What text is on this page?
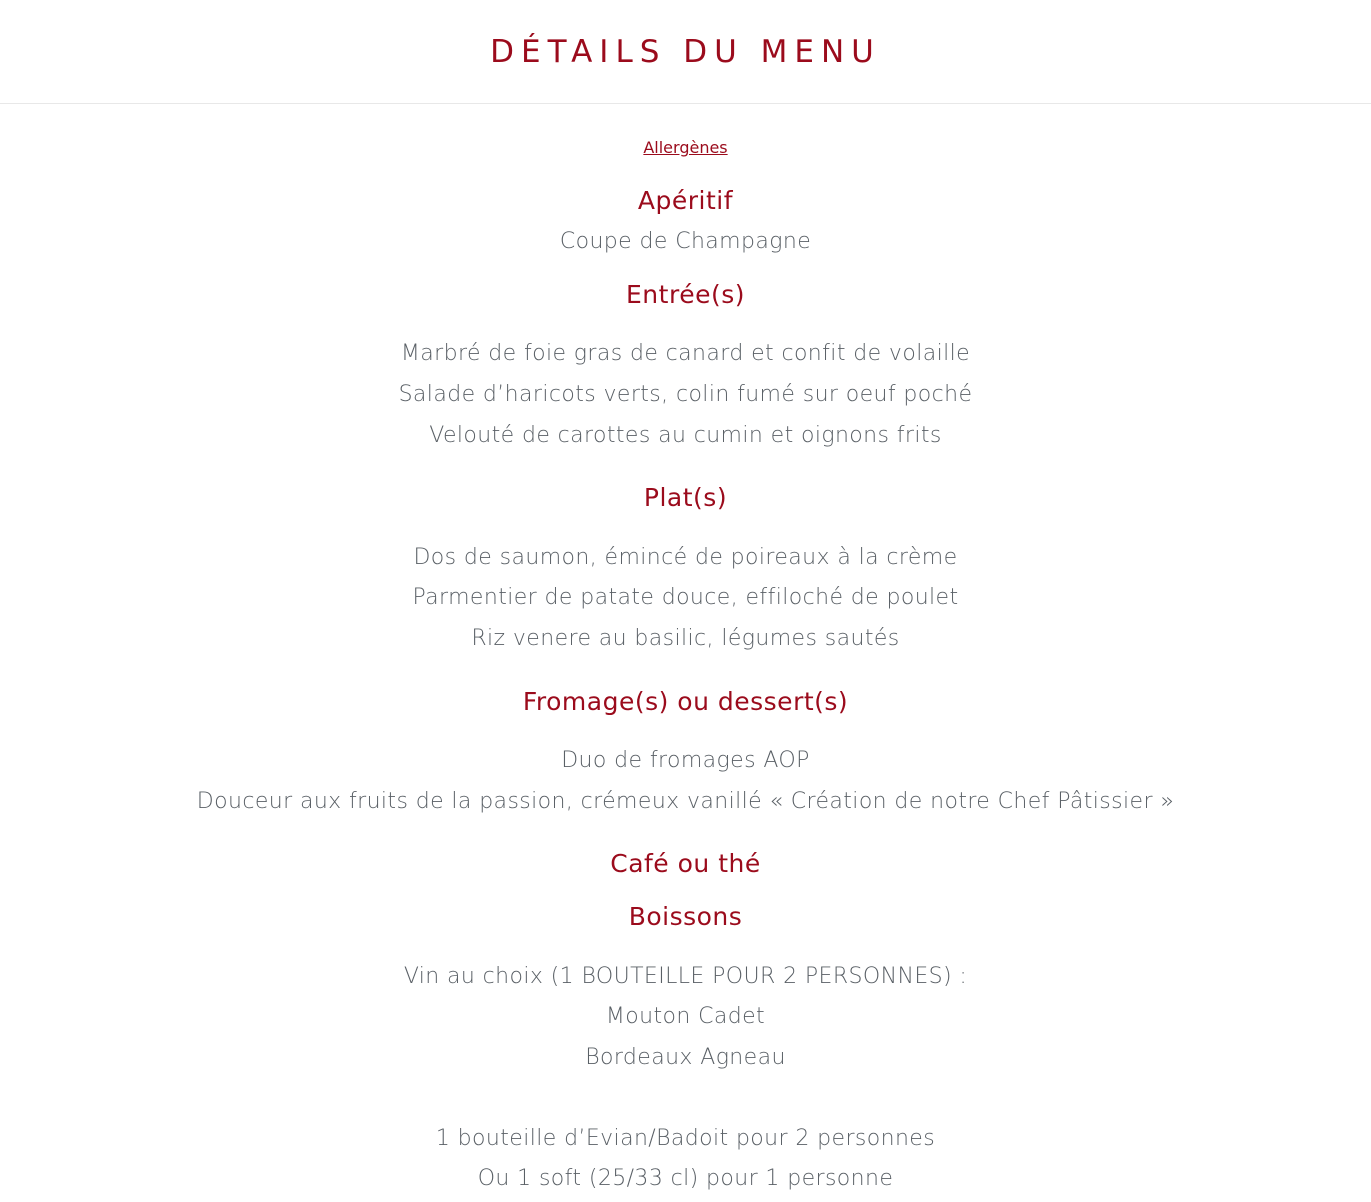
DÉTAILS DU MENU
Allergènes
Apéritif
Coupe de Champagne
Entrée(s)
Marbré de foie gras de canard et confit de volaille
Salade d’haricots verts, colin fumé sur oeuf poché
Velouté de carottes au cumin et oignons frits
Plat(s)
Dos de saumon, émincé de poireaux à la crème
Parmentier de patate douce, effiloché de poulet
Riz venere au basilic, légumes sautés
Fromage(s) ou dessert(s)
Duo de fromages AOP
Douceur aux fruits de la passion, crémeux vanillé « Création de notre Chef Pâtissier »
Café ou thé
Boissons
Vin au choix (1 BOUTEILLE POUR 2 PERSONNES) :
Mouton Cadet
Bordeaux Agneau
1 bouteille d’Evian/Badoit pour 2 personnes
Ou 1 soft (25/33 cl) pour 1 personne
